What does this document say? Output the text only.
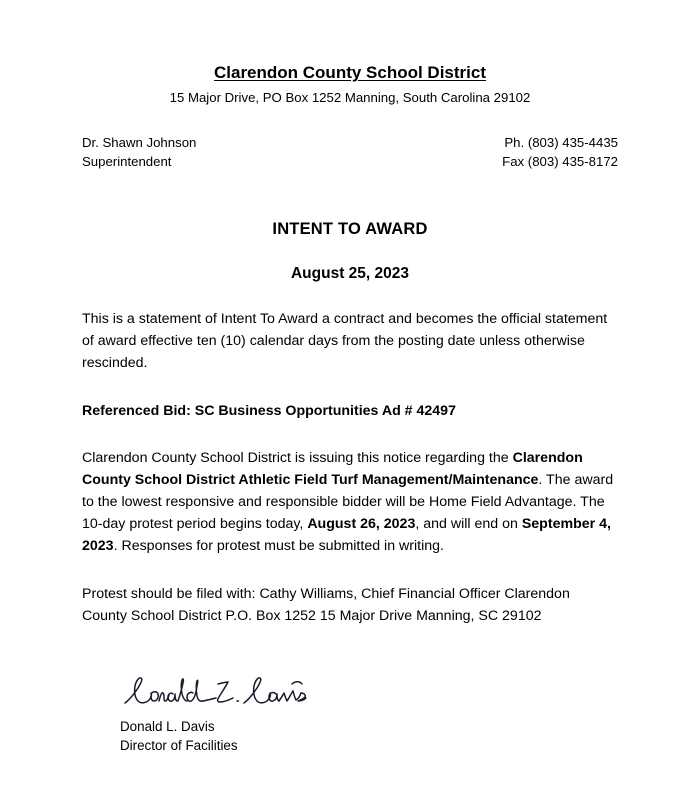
Clarendon County School District
15 Major Drive, PO Box 1252 Manning, South Carolina 29102
Dr. Shawn Johnson
Superintendent
Ph. (803) 435-4435
Fax (803) 435-8172
INTENT TO AWARD
August 25, 2023
This is a statement of Intent To Award a contract and becomes the official statement of award effective ten (10) calendar days from the posting date unless otherwise rescinded.
Referenced Bid: SC Business Opportunities Ad # 42497
Clarendon County School District is issuing this notice regarding the Clarendon County School District Athletic Field Turf Management/Maintenance. The award to the lowest responsive and responsible bidder will be Home Field Advantage. The 10-day protest period begins today, August 26, 2023, and will end on September 4, 2023. Responses for protest must be submitted in writing.
Protest should be filed with: Cathy Williams, Chief Financial Officer Clarendon County School District P.O. Box 1252 15 Major Drive Manning, SC 29102
Donald L. Davis
Director of Facilities
